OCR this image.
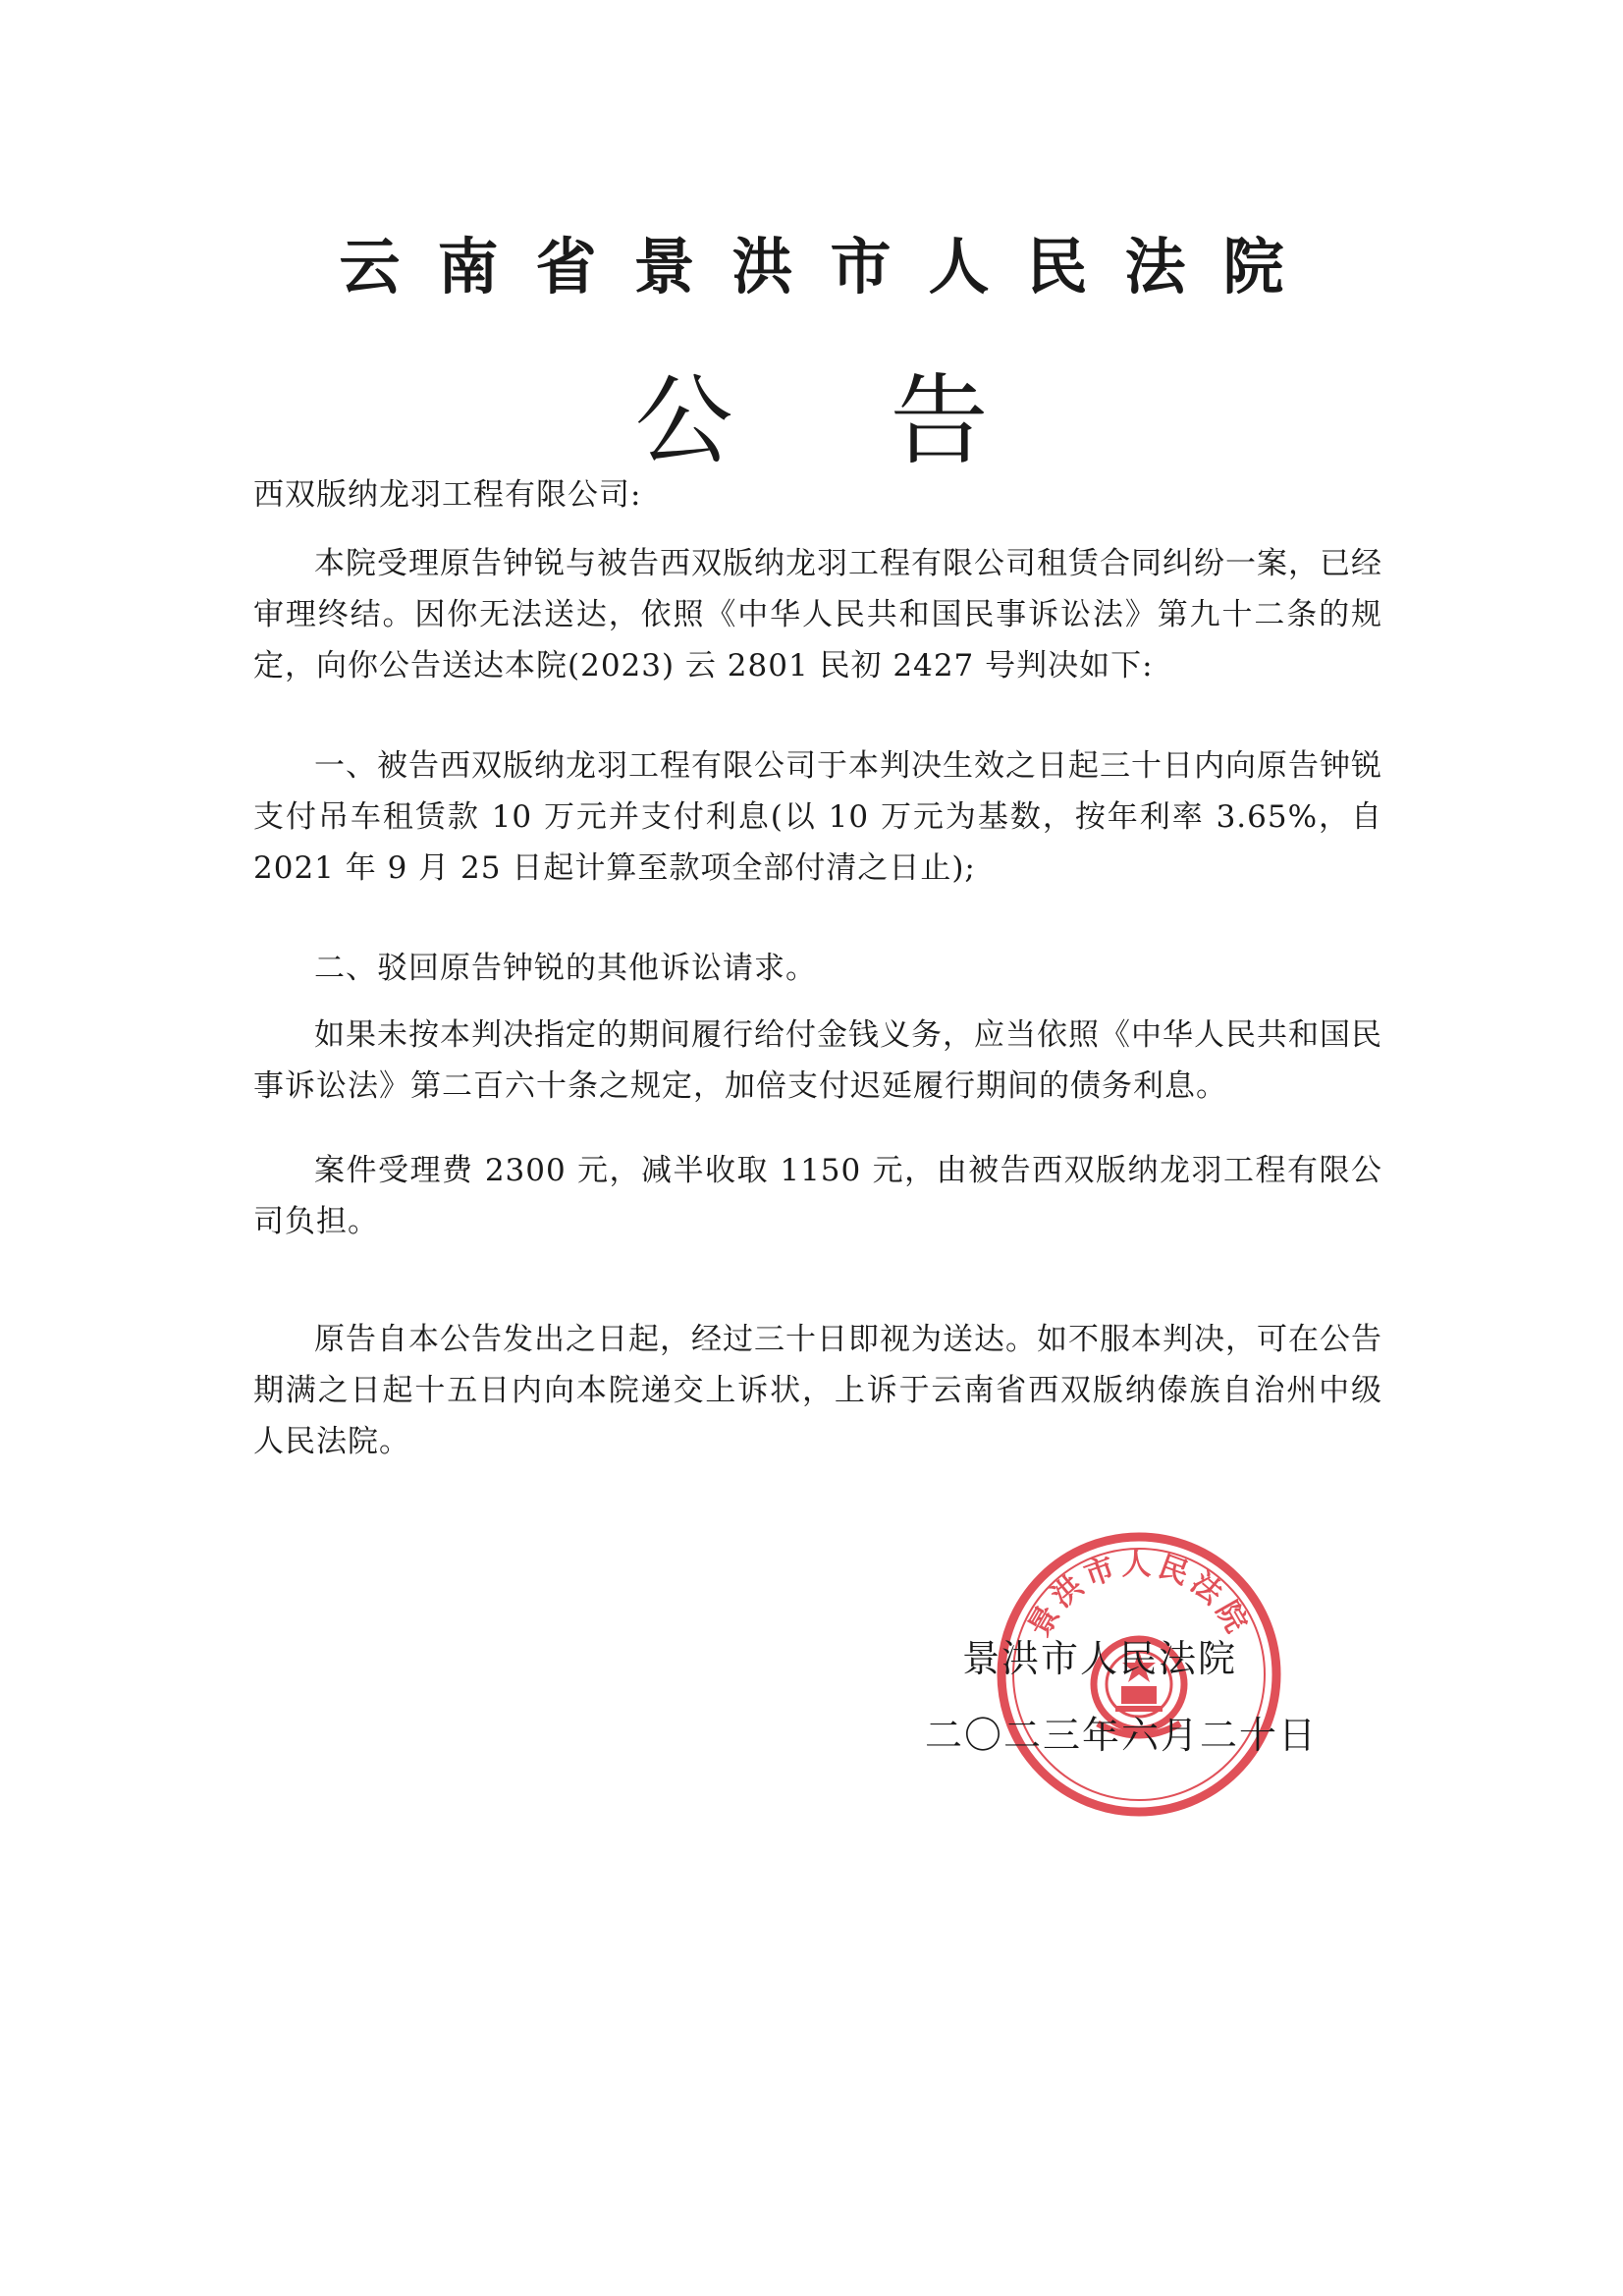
云南省景洪市人民法院
公告

西双版纳龙羽工程有限公司:

本院受理原告钟锐与被告西双版纳龙羽工程有限公司租赁合同纠纷一案，已经审理终结。因你无法送达，依照《中华人民共和国民事诉讼法》第九十二条的规定，向你公告送达本院(2023) 云 2801 民初 2427 号判决如下:

一、被告西双版纳龙羽工程有限公司于本判决生效之日起三十日内向原告钟锐支付吊车租赁款 10 万元并支付利息(以 10 万元为基数，按年利率 3.65%，自 2021 年 9 月 25 日起计算至款项全部付清之日止);

二、驳回原告钟锐的其他诉讼请求。

如果未按本判决指定的期间履行给付金钱义务，应当依照《中华人民共和国民事诉讼法》第二百六十条之规定，加倍支付迟延履行期间的债务利息。

案件受理费 2300 元，减半收取 1150 元，由被告西双版纳龙羽工程有限公司负担。

原告自本公告发出之日起，经过三十日即视为送达。如不服本判决，可在公告期满之日起十五日内向本院递交上诉状，上诉于云南省西双版纳傣族自治州中级人民法院。

景洪市人民法院
景洪市人民法院
二〇二三年六月二十日
